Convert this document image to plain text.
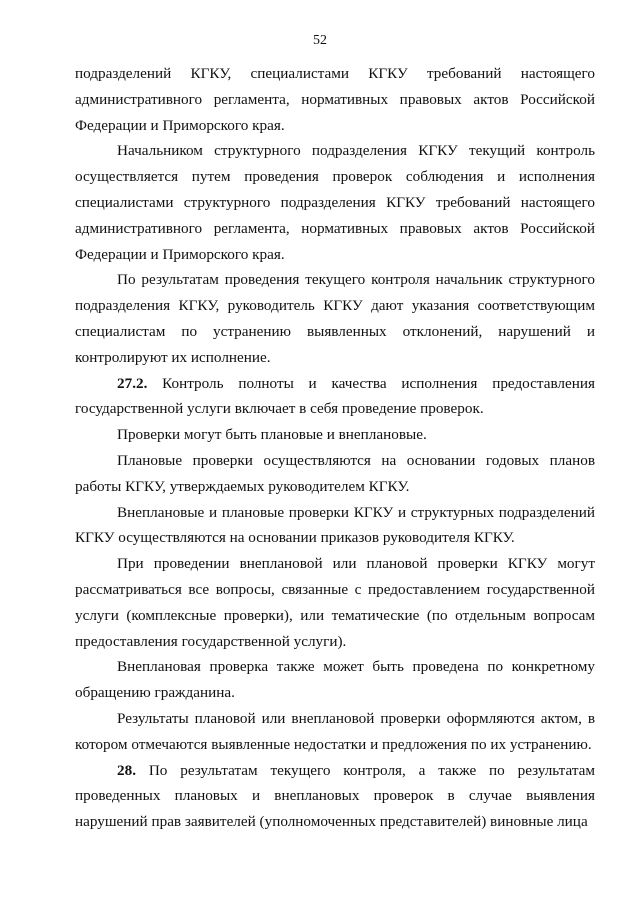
52

подразделений КГКУ, специалистами КГКУ требований настоящего административного регламента, нормативных правовых актов Российской Федерации и Приморского края.

Начальником структурного подразделения КГКУ текущий контроль осуществляется путем проведения проверок соблюдения и исполнения специалистами структурного подразделения КГКУ требований настоящего административного регламента, нормативных правовых актов Российской Федерации и Приморского края.

По результатам проведения текущего контроля начальник структурного подразделения КГКУ, руководитель КГКУ дают указания соответствующим специалистам по устранению выявленных отклонений, нарушений и контролируют их исполнение.

27.2. Контроль полноты и качества исполнения предоставления государственной услуги включает в себя проведение проверок.

Проверки могут быть плановые и внеплановые.

Плановые проверки осуществляются на основании годовых планов работы КГКУ, утверждаемых руководителем КГКУ.

Внеплановые и плановые проверки КГКУ и структурных подразделений КГКУ осуществляются на основании приказов руководителя КГКУ.

При проведении внеплановой или плановой проверки КГКУ могут рассматриваться все вопросы, связанные с предоставлением государственной услуги (комплексные проверки), или тематические (по отдельным вопросам предоставления государственной услуги).

Внеплановая проверка также может быть проведена по конкретному обращению гражданина.

Результаты плановой или внеплановой проверки оформляются актом, в котором отмечаются выявленные недостатки и предложения по их устранению.

28. По результатам текущего контроля, а также по результатам проведенных плановых и внеплановых проверок в случае выявления нарушений прав заявителей (уполномоченных представителей) виновные лица
